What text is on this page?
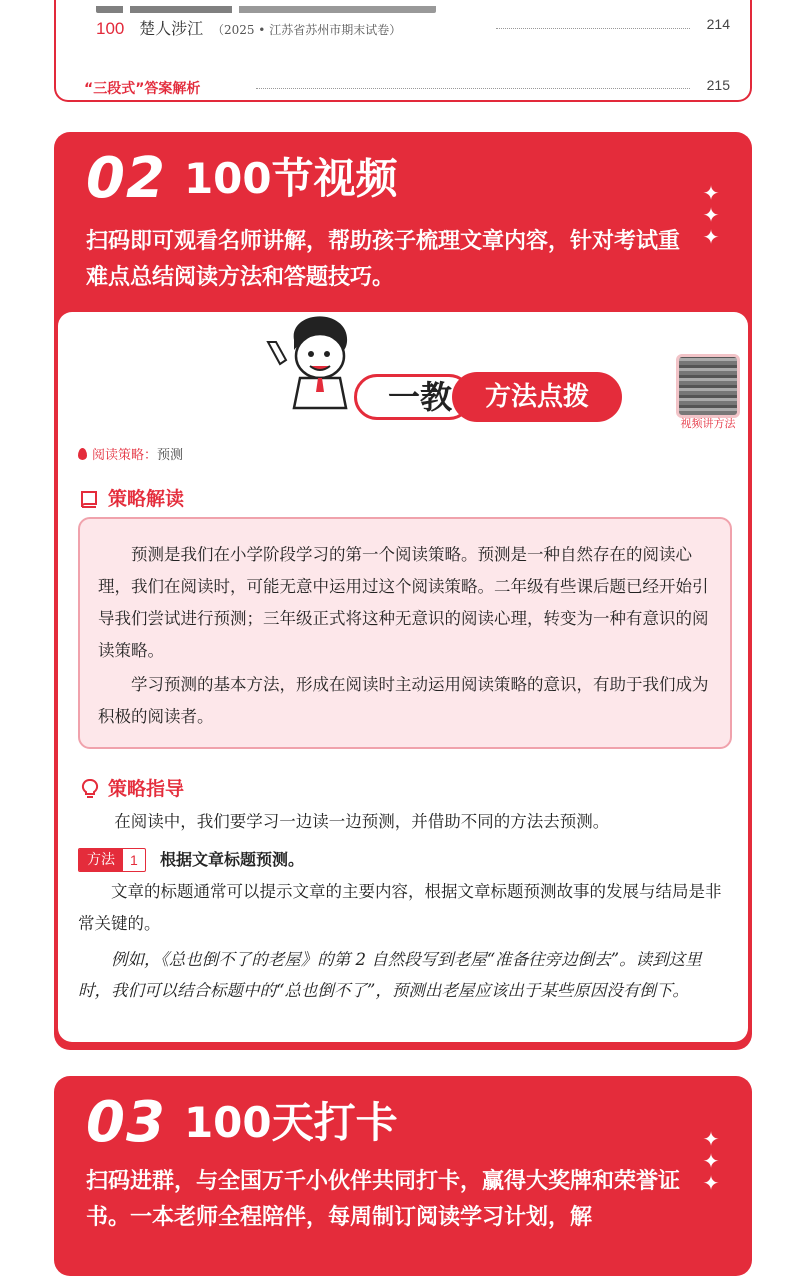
100 楚人涉江 （2025 • 江苏省苏州市期末试卷）	214
“三段式”答案解析	215
02 100节视频	✦
✦
✦
扫码即可观看名师讲解，帮助孩子梳理文章内容，针对考试重难点总结阅读方法和答题技巧。
一教	方法点拨
视频讲方法
阅读策略：预测
策略解读
预测是我们在小学阶段学习的第一个阅读策略。预测是一种自然存在的阅读心理，我们在阅读时，可能无意中运用过这个阅读策略。二年级有些课后题已经开始引导我们尝试进行预测；三年级正式将这种无意识的阅读心理，转变为一种有意识的阅读策略。
学习预测的基本方法，形成在阅读时主动运用阅读策略的意识，有助于我们成为积极的阅读者。
策略指导
在阅读中，我们要学习一边读一边预测，并借助不同的方法去预测。
方法	1	根据文章标题预测。
文章的标题通常可以提示文章的主要内容，根据文章标题预测故事的发展与结局是非常关键的。
例如，《总也倒不了的老屋》的第 2 自然段写到老屋“准备往旁边倒去”。读到这里时，我们可以结合标题中的“总也倒不了”，预测出老屋应该出于某些原因没有倒下。
03 100天打卡	✦
✦
✦
扫码进群，与全国万千小伙伴共同打卡，赢得大奖牌和荣誉证书。一本老师全程陪伴，每周制订阅读学习计划，解
